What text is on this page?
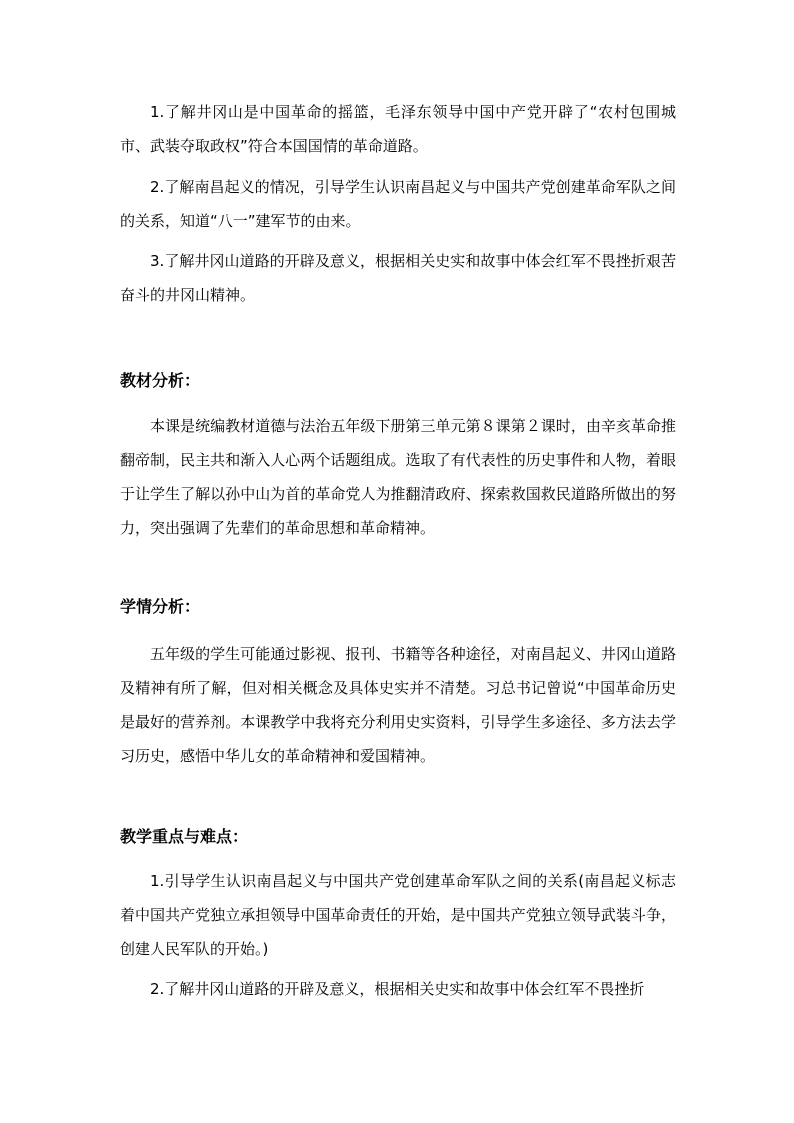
1.了解井冈山是中国革命的摇篮，毛泽东领导中国中产党开辟了“农村包围城市、武装夺取政权”符合本国国情的革命道路。

2.了解南昌起义的情况，引导学生认识南昌起义与中国共产党创建革命军队之间的关系，知道“八一”建军节的由来。

3.了解井冈山道路的开辟及意义，根据相关史实和故事中体会红军不畏挫折艰苦奋斗的井冈山精神。

教材分析：

本课是统编教材道德与法治五年级下册第三单元第８课第２课时，由辛亥革命推翻帝制，民主共和渐入人心两个话题组成。选取了有代表性的历史事件和人物，着眼于让学生了解以孙中山为首的革命党人为推翻清政府、探索救国救民道路所做出的努力，突出强调了先辈们的革命思想和革命精神。

学情分析：

五年级的学生可能通过影视、报刊、书籍等各种途径，对南昌起义、井冈山道路及精神有所了解，但对相关概念及具体史实并不清楚。习总书记曾说“中国革命历史是最好的营养剂。本课教学中我将充分利用史实资料，引导学生多途径、多方法去学习历史，感悟中华儿女的革命精神和爱国精神。

教学重点与难点：

1.引导学生认识南昌起义与中国共产党创建革命军队之间的关系(南昌起义标志着中国共产党独立承担领导中国革命责任的开始，是中国共产党独立领导武装斗争，创建人民军队的开始。)

2.了解井冈山道路的开辟及意义，根据相关史实和故事中体会红军不畏挫折
